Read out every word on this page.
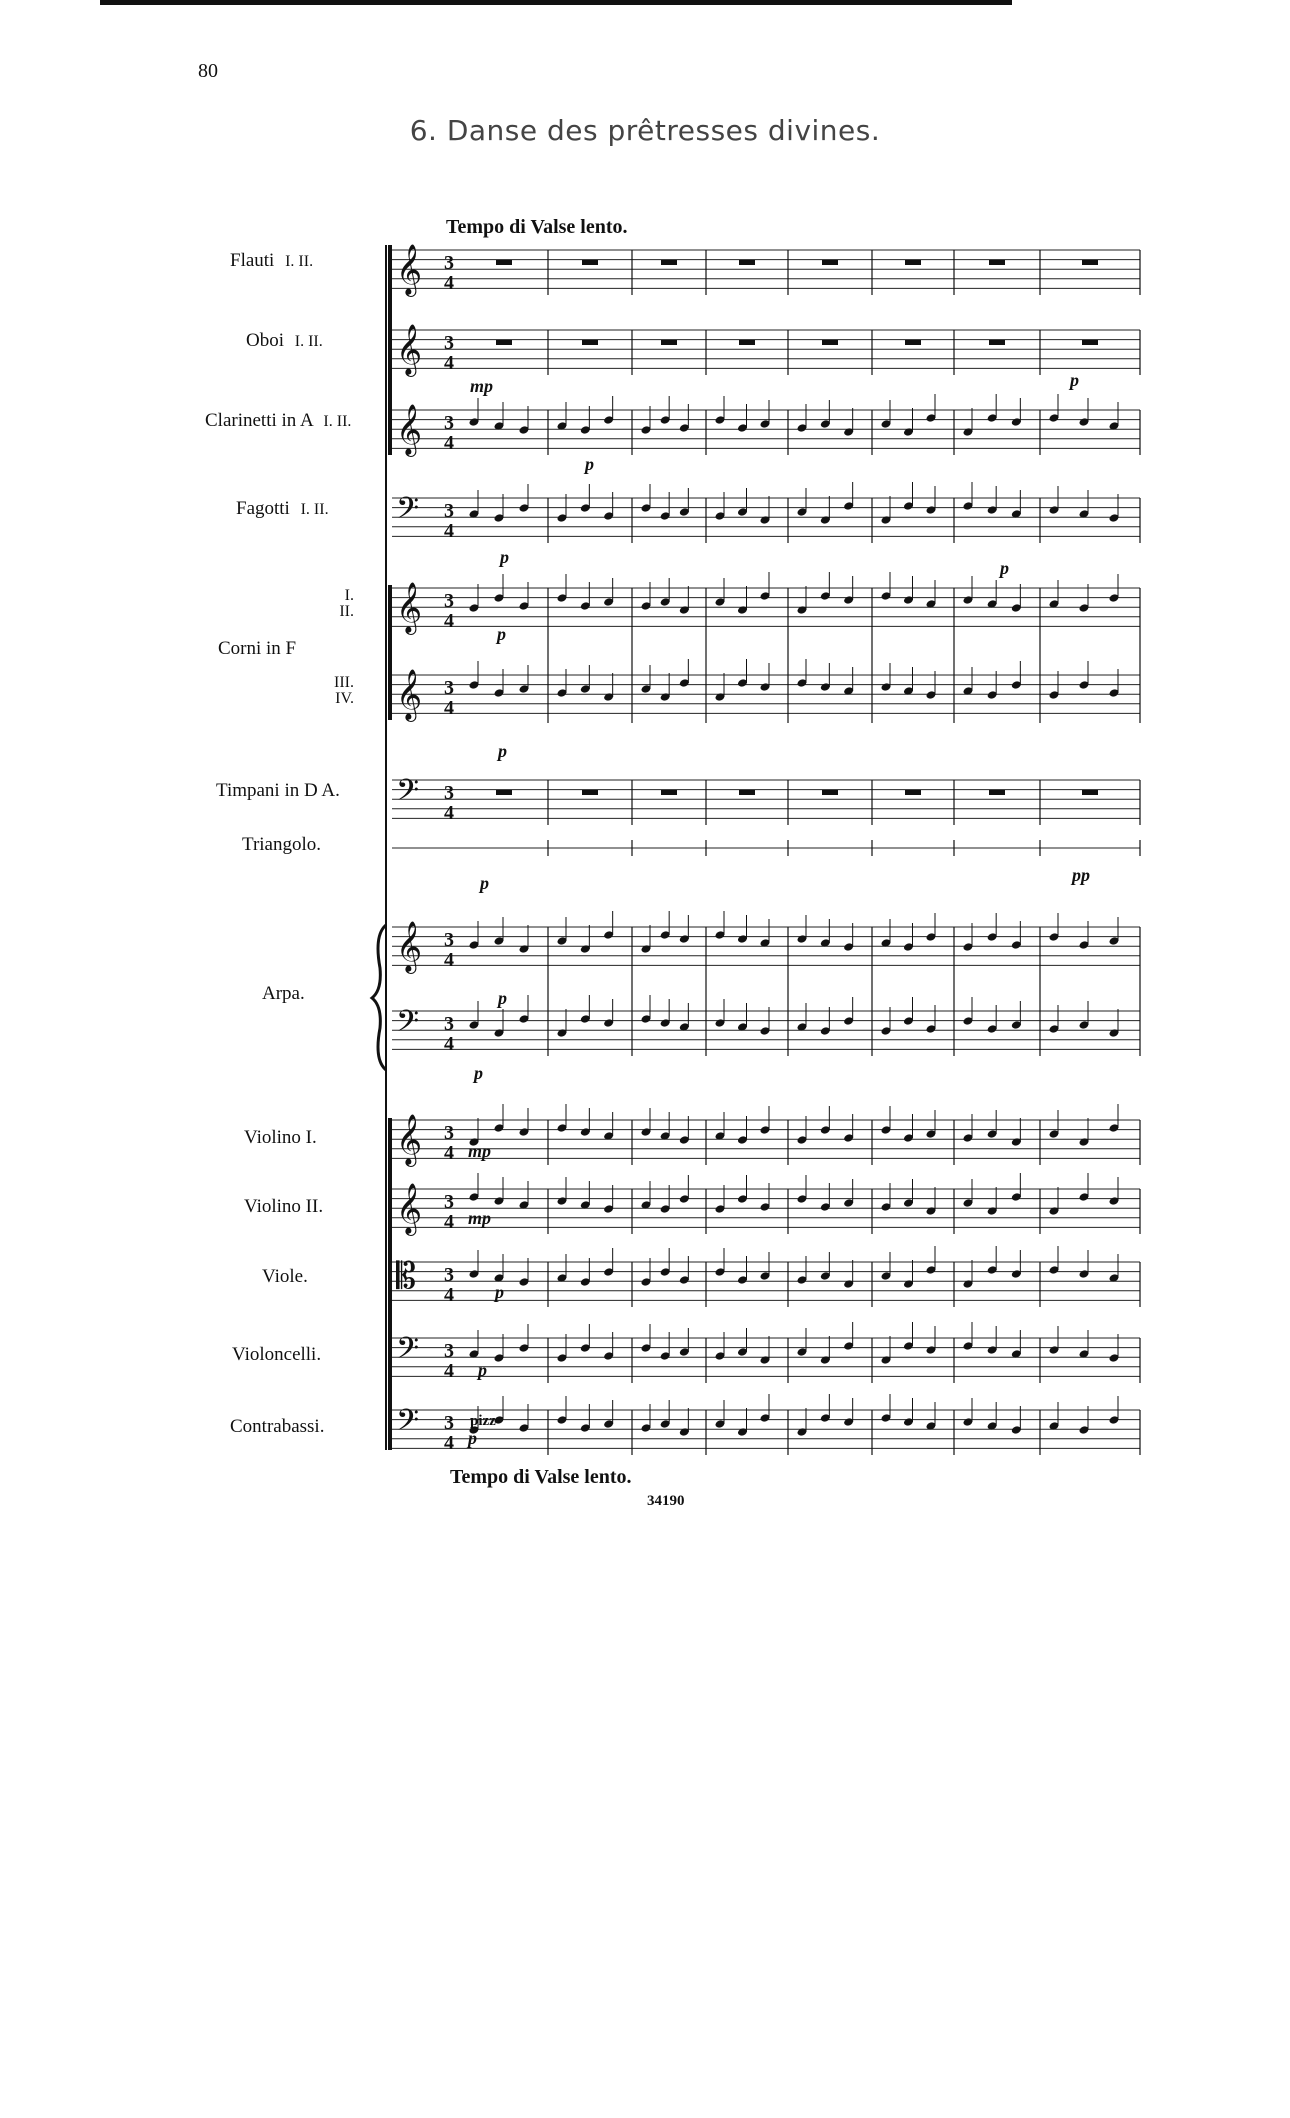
80
6. Danse des prêtresses divines.
Tempo di Valse lento.
Tempo di Valse lento.
34190
Flauti I. II.
Oboi I. II.
Clarinetti in A I. II.
Fagotti I. II.
Corni in F
I.
II.
III.
IV.
Timpani in D A.
Triangolo.
Arpa.
Violino I.
Violino II.
Viole.
Violoncelli.
Contrabassi.
𝄞
𝄞
𝄞
𝄢
𝄞
𝄞
𝄢
𝄞
𝄢
𝄞
𝄞
𝄡
𝄢
𝄢
3
4
3
4
3
4
3
4
3
4
3
4
3
4
3
4
3
4
3
4
3
4
3
4
3
4
3
4
mp
p
p
p
p
p
pp
p
p
p
p
mp
mp
p
p
p
pizz
